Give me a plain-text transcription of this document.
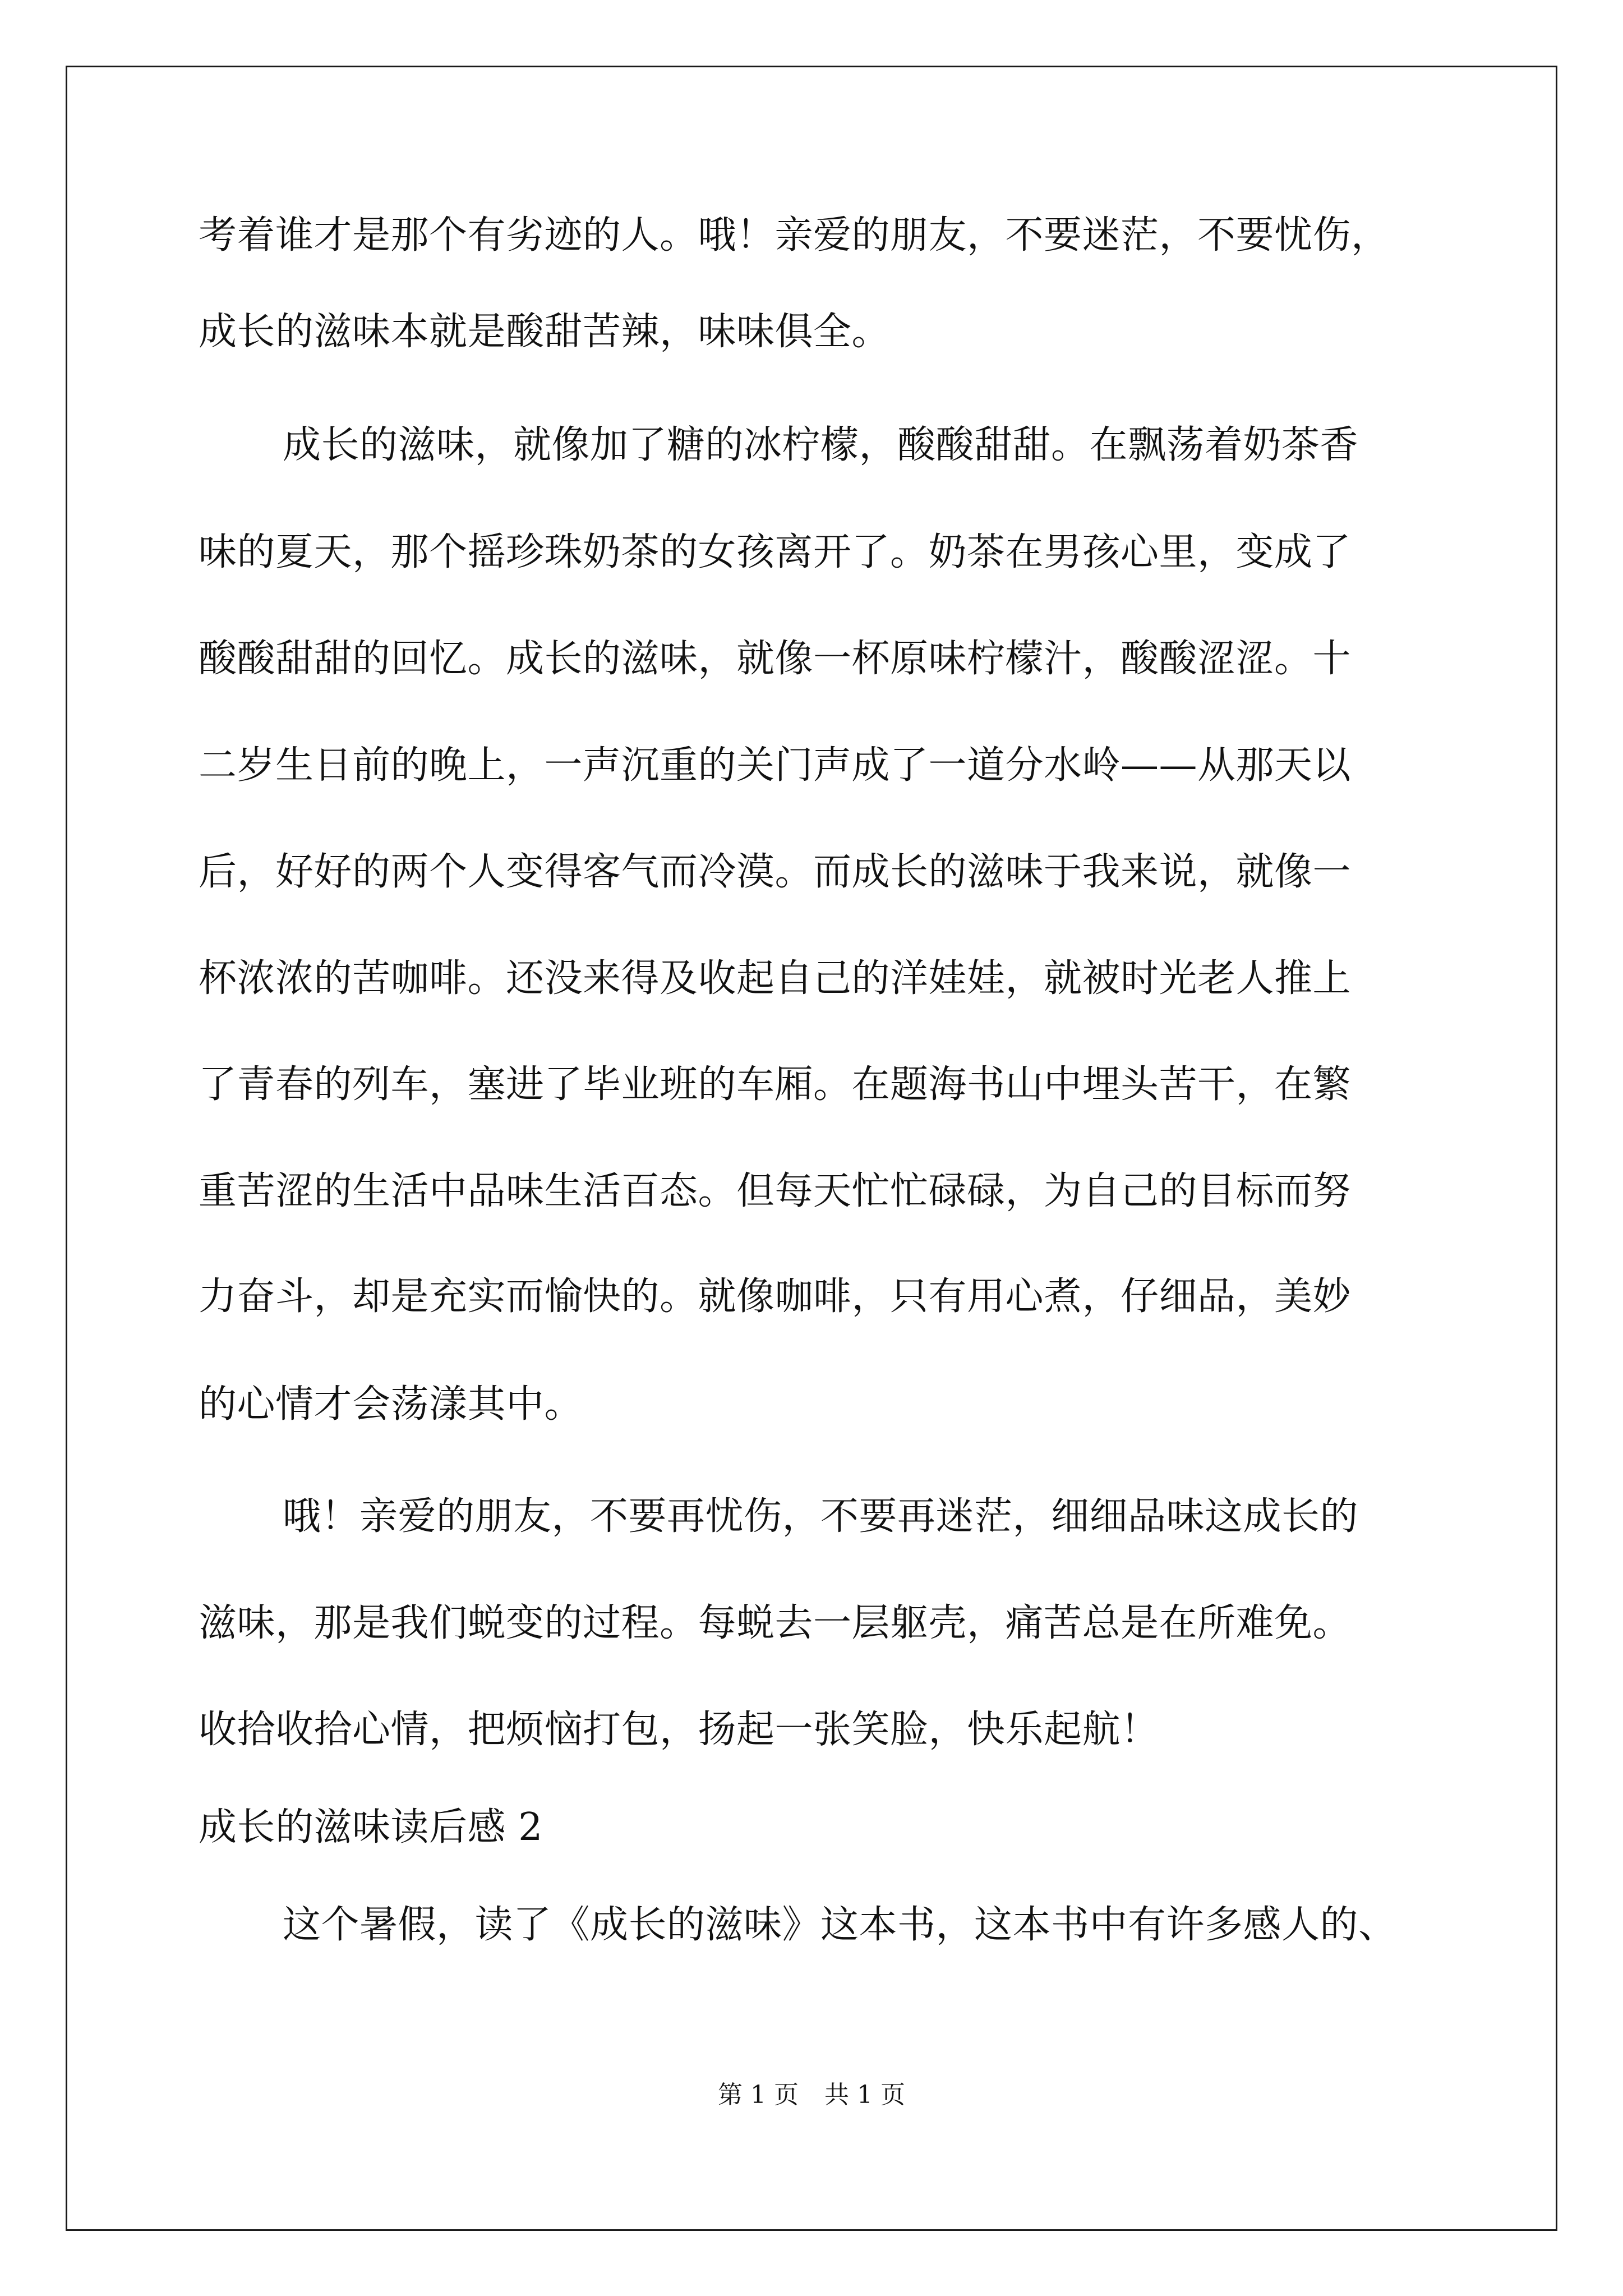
考着谁才是那个有劣迹的人。哦！亲爱的朋友，不要迷茫，不要忧伤，
成长的滋味本就是酸甜苦辣，味味俱全。
成长的滋味，就像加了糖的冰柠檬，酸酸甜甜。在飘荡着奶茶香
味的夏天，那个摇珍珠奶茶的女孩离开了。奶茶在男孩心里，变成了
酸酸甜甜的回忆。成长的滋味，就像一杯原味柠檬汁，酸酸涩涩。十
二岁生日前的晚上，一声沉重的关门声成了一道分水岭——从那天以
后，好好的两个人变得客气而冷漠。而成长的滋味于我来说，就像一
杯浓浓的苦咖啡。还没来得及收起自己的洋娃娃，就被时光老人推上
了青春的列车，塞进了毕业班的车厢。在题海书山中埋头苦干，在繁
重苦涩的生活中品味生活百态。但每天忙忙碌碌，为自己的目标而努
力奋斗，却是充实而愉快的。就像咖啡，只有用心煮，仔细品，美妙
的心情才会荡漾其中。
哦！亲爱的朋友，不要再忧伤，不要再迷茫，细细品味这成长的
滋味，那是我们蜕变的过程。每蜕去一层躯壳，痛苦总是在所难免。
收拾收拾心情，把烦恼打包，扬起一张笑脸，快乐起航！
成长的滋味读后感 2
这个暑假，读了《成长的滋味》这本书，这本书中有许多感人的、
第 1 页 共 1 页
